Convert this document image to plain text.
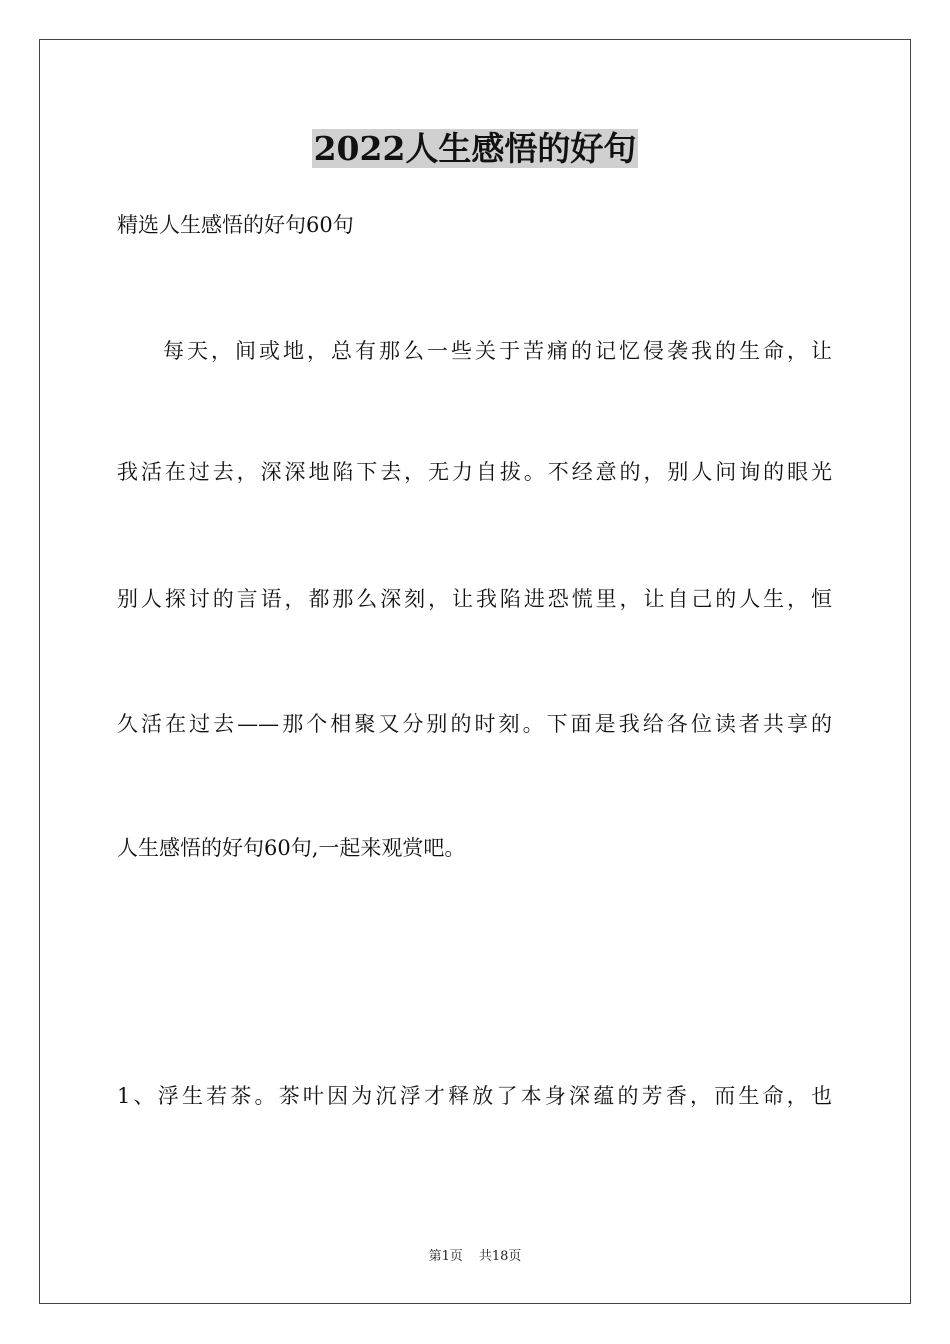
2022人生感悟的好句
精选人生感悟的好句60句
每天，间或地，总有那么一些关于苦痛的记忆侵袭我的生命，让
我活在过去，深深地陷下去，无力自拔。不经意的，别人问询的眼光
别人探讨的言语，都那么深刻，让我陷进恐慌里，让自己的人生，恒
久活在过去——那个相聚又分别的时刻。下面是我给各位读者共享的
人生感悟的好句60句,一起来观赏吧。
1、浮生若茶。茶叶因为沉浮才释放了本身深蕴的芳香，而生命，也
第1页 共18页
